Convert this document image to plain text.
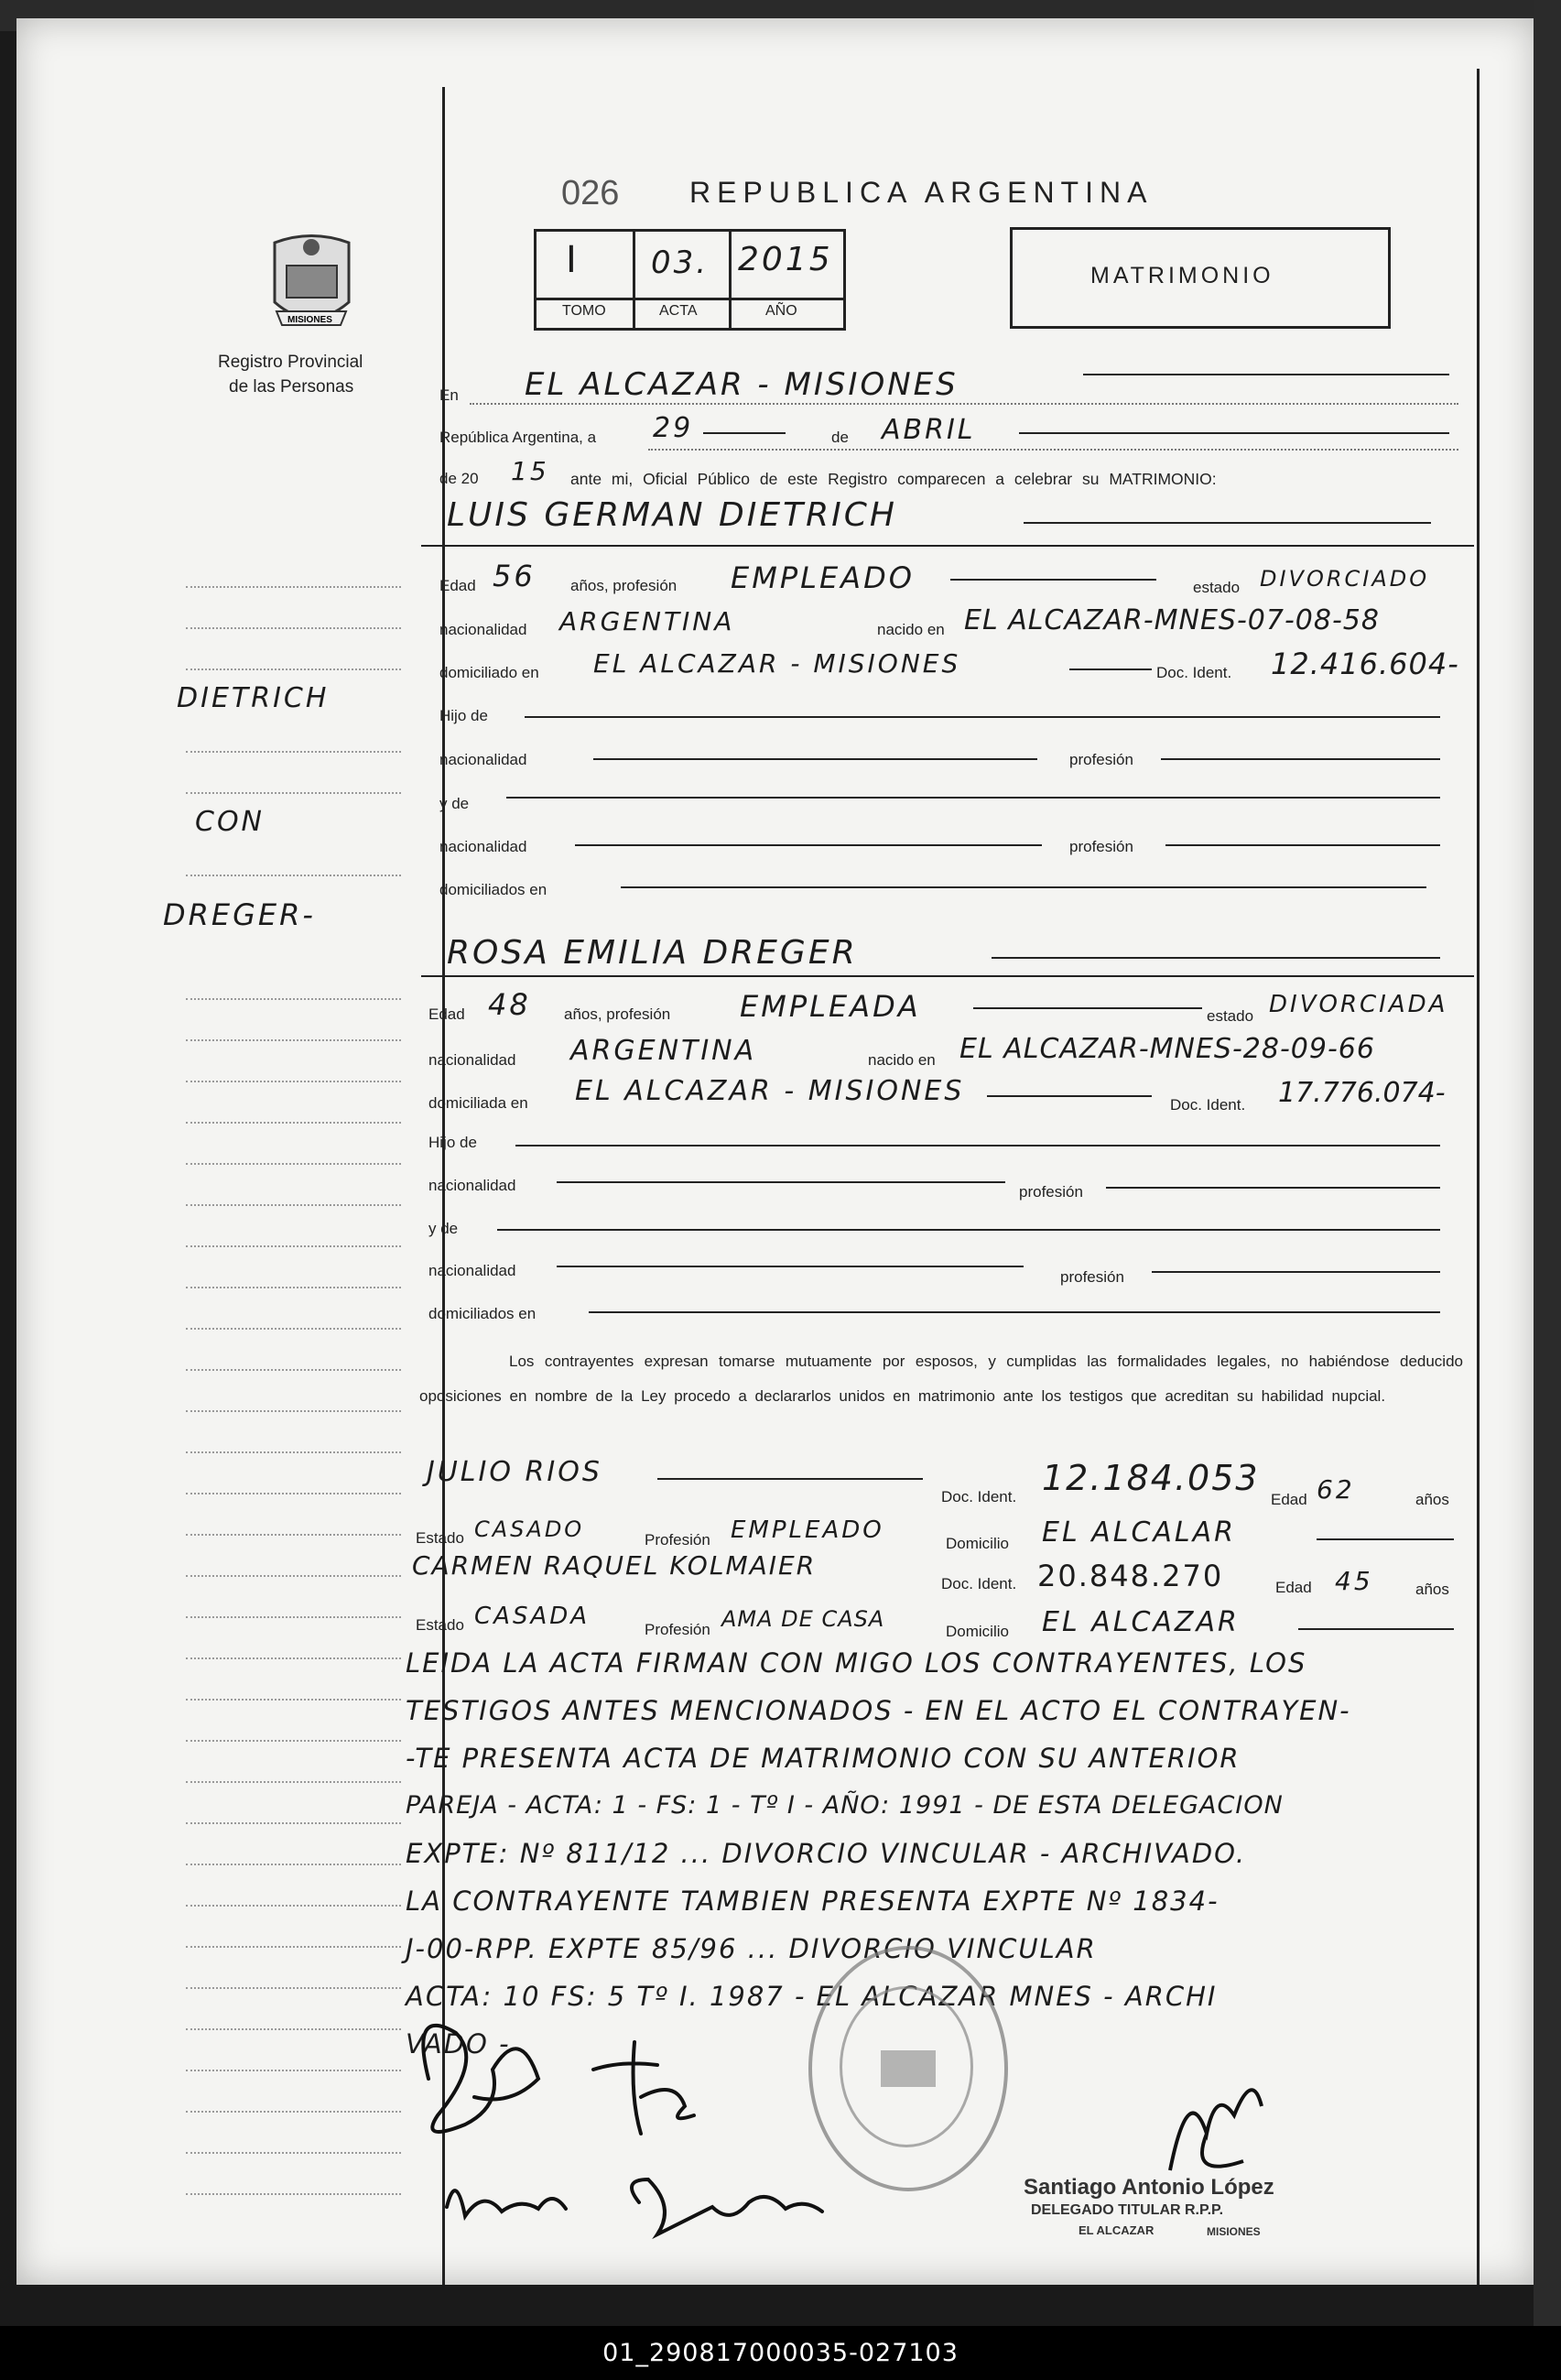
MISIONES
Registro Provincial
de las Personas
DIETRICH
CON
DREGER-
026 REPUBLICA ARGENTINA
I 03. 2015
TOMO	ACTA	AÑO
MATRIMONIO
En EL ALCAZAR - MISIONES
República Argentina, a 29	de ABRIL
de 20 15 ante mi, Oficial Público de este Registro comparecen a celebrar su MATRIMONIO:
LUIS GERMAN DIETRICH
Edad 56 años, profesión EMPLEADO	estado DIVORCIADO
nacionalidad ARGENTINA	nacido en EL ALCAZAR-MNES-07-08-58
domiciliado en EL ALCAZAR - MISIONES	Doc. Ident. 12.416.604-
Hijo de
nacionalidad	profesión
y de
nacionalidad	profesión
domiciliados en
ROSA EMILIA DREGER
Edad 48 años, profesión EMPLEADA	estado DIVORCIADA
nacionalidad ARGENTINA	nacido en EL ALCAZAR-MNES-28-09-66
domiciliada en EL ALCAZAR - MISIONES	Doc. Ident. 17.776.074-
Hijo de
nacionalidad	profesión
y de
nacionalidad	profesión
domiciliados en
Los contrayentes expresan tomarse mutuamente por esposos, y cumplidas las formalidades legales, no habiéndose deducido oposiciones en nombre de la Ley procedo a declararlos unidos en matrimonio ante los testigos que acreditan su habilidad nupcial.
JULIO RIOS
Doc. Ident. 12.184.053
Edad 62	años
Estado CASADO	Profesión EMPLEADO	Domicilio EL ALCALAR
CARMEN RAQUEL KOLMAIER
Doc. Ident. 20.848.270	Edad 45	años
Estado CASADA	Profesión AMA DE CASA	Domicilio EL ALCAZAR
LEIDA LA ACTA FIRMAN CON MIGO LOS CONTRAYENTES, LOS
TESTIGOS ANTES MENCIONADOS - EN EL ACTO EL CONTRAYEN-
-TE PRESENTA ACTA DE MATRIMONIO CON SU ANTERIOR
PAREJA - ACTA: 1 - FS: 1 - Tº I - AÑO: 1991 - DE ESTA DELEGACION
EXPTE: Nº 811/12 ... DIVORCIO VINCULAR - ARCHIVADO.
LA CONTRAYENTE TAMBIEN PRESENTA EXPTE Nº 1834-
J-00-RPP. EXPTE 85/96 ... DIVORCIO VINCULAR
ACTA: 10 FS: 5 Tº I. 1987 - EL ALCAZAR MNES - ARCHI
VADO -
Santiago Antonio López
DELEGADO TITULAR R.P.P.
EL ALCAZAR	MISIONES
01_290817000035-027103
